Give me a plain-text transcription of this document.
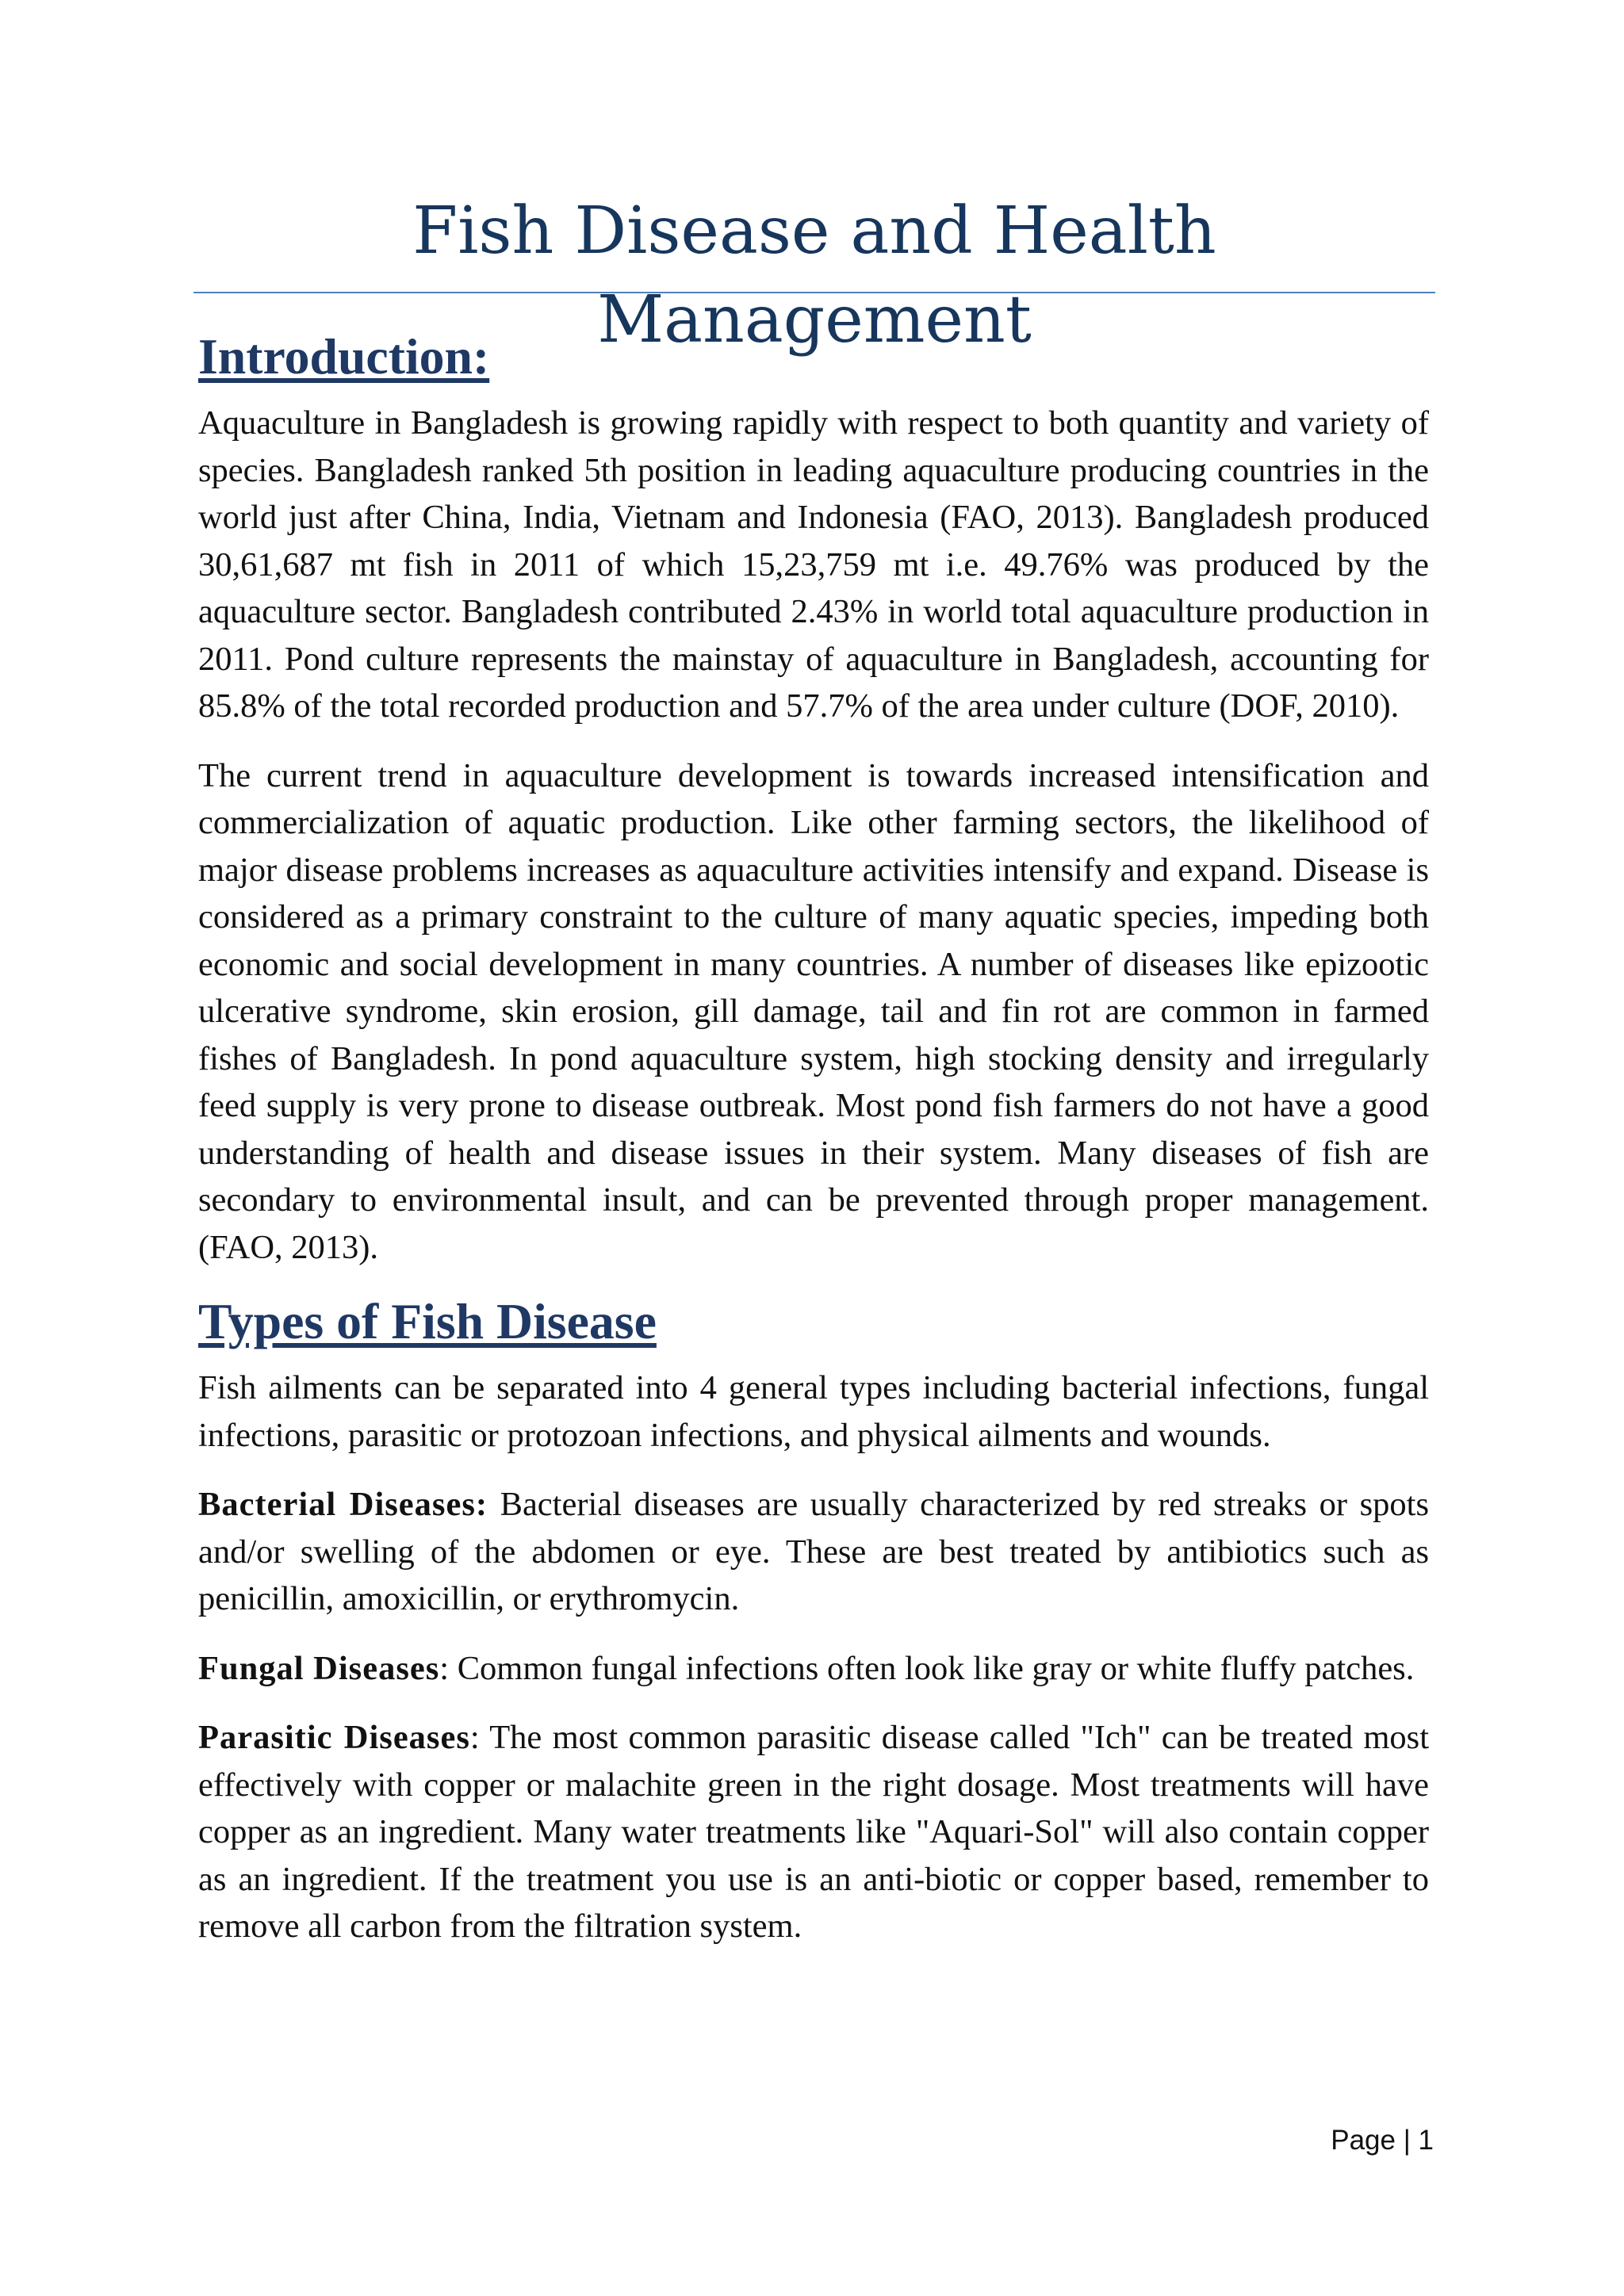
Fish Disease and Health Management
Introduction:

Aquaculture in Bangladesh is growing rapidly with respect to both quantity and variety of species. Bangladesh ranked 5th position in leading aquaculture producing countries in the world just after China, India, Vietnam and Indonesia (FAO, 2013). Bangladesh produced 30,61,687 mt fish in 2011 of which 15,23,759 mt i.e. 49.76% was produced by the aquaculture sector. Bangladesh contributed 2.43% in world total aquaculture production in 2011. Pond culture represents the mainstay of aquaculture in Bangladesh, accounting for 85.8% of the total recorded production and 57.7% of the area under culture (DOF, 2010).

The current trend in aquaculture development is towards increased intensification and commercialization of aquatic production. Like other farming sectors, the likelihood of major disease problems increases as aquaculture activities intensify and expand. Disease is considered as a primary constraint to the culture of many aquatic species, impeding both economic and social development in many countries. A number of diseases like epizootic ulcerative syndrome, skin erosion, gill damage, tail and fin rot are common in farmed fishes of Bangladesh. In pond aquaculture system, high stocking density and irregularly feed supply is very prone to disease outbreak. Most pond fish farmers do not have a good understanding of health and disease issues in their system. Many diseases of fish are secondary to environmental insult, and can be prevented through proper management. (FAO, 2013).

Types of Fish Disease

Fish ailments can be separated into 4 general types including bacterial infections, fungal infections, parasitic or protozoan infections, and physical ailments and wounds.

Bacterial Diseases: Bacterial diseases are usually characterized by red streaks or spots and/or swelling of the abdomen or eye. These are best treated by antibiotics such as penicillin, amoxicillin, or erythromycin.

Fungal Diseases: Common fungal infections often look like gray or white fluffy patches.

Parasitic Diseases: The most common parasitic disease called "Ich" can be treated most effectively with copper or malachite green in the right dosage. Most treatments will have copper as an ingredient. Many water treatments like "Aquari-Sol" will also contain copper as an ingredient. If the treatment you use is an anti-biotic or copper based, remember to remove all carbon from the filtration system.

Page | 1
